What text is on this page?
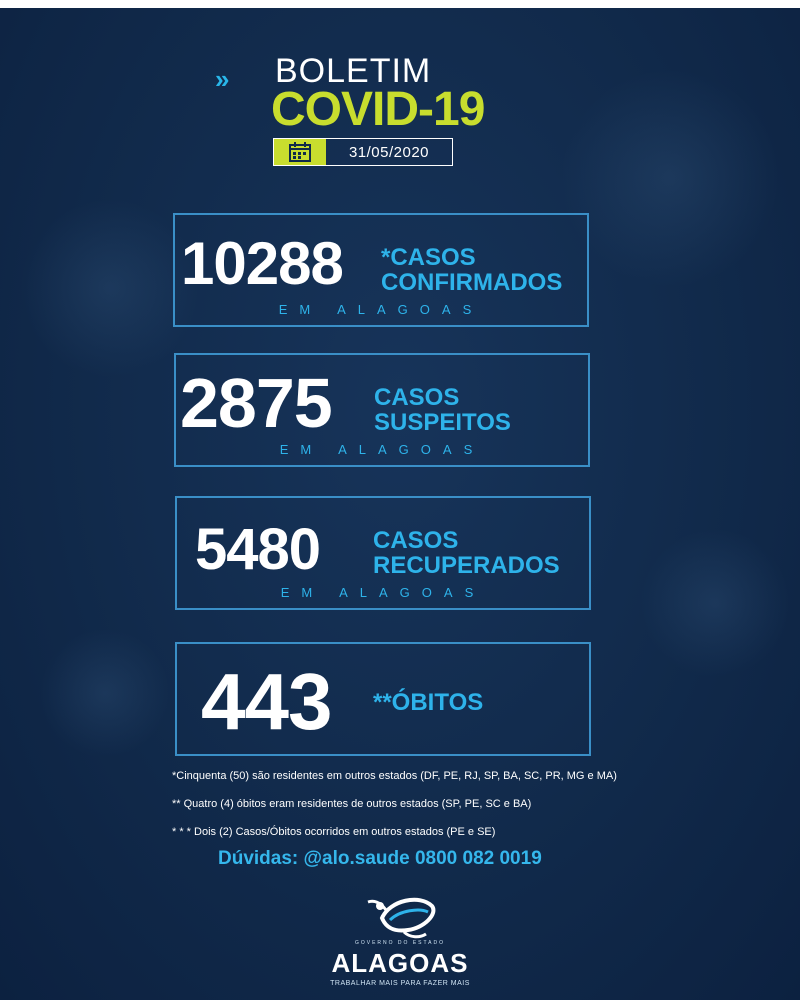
» BOLETIM
COVID-19
31/05/2020
10288 *CASOS
CONFIRMADOS
EM ALAGOAS
2875 CASOS
SUSPEITOS
EM ALAGOAS
5480 CASOS
RECUPERADOS
EM ALAGOAS
443 **ÓBITOS
*Cinquenta (50) são residentes em outros estados (DF, PE, RJ, SP, BA, SC, PR, MG e MA)
** Quatro (4) óbitos eram residentes de outros estados (SP, PE, SC e BA)
* * * Dois (2) Casos/Óbitos ocorridos em outros estados (PE e SE)
Dúvidas: @alo.saude 0800 082 0019
GOVERNO DO ESTADO
ALAGOAS
TRABALHAR MAIS PARA FAZER MAIS
